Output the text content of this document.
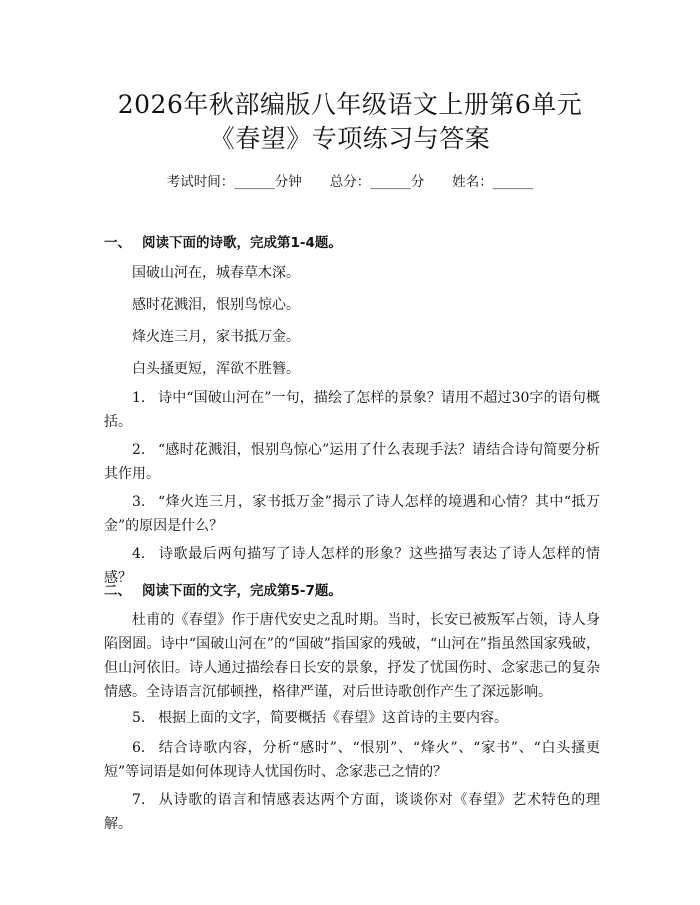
2026年秋部编版八年级语文上册第6单元
《春望》专项练习与答案
考试时间：______分钟 总分：______分 姓名：______
一、 阅读下面的诗歌，完成第1-4题。
国破山河在，城春草木深。
感时花溅泪，恨别鸟惊心。
烽火连三月，家书抵万金。
白头搔更短，浑欲不胜簪。
1. 诗中“国破山河在”一句，描绘了怎样的景象？请用不超过30字的语句概括。
2. “感时花溅泪，恨别鸟惊心”运用了什么表现手法？请结合诗句简要分析其作用。
3. “烽火连三月，家书抵万金”揭示了诗人怎样的境遇和心情？其中“抵万金”的原因是什么？
4. 诗歌最后两句描写了诗人怎样的形象？这些描写表达了诗人怎样的情感？
二、 阅读下面的文字，完成第5-7题。
杜甫的《春望》作于唐代安史之乱时期。当时，长安已被叛军占领，诗人身陷囹圄。诗中“国破山河在”的“国破”指国家的残破，“山河在”指虽然国家残破，但山河依旧。诗人通过描绘春日长安的景象，抒发了忧国伤时、念家悲己的复杂情感。全诗语言沉郁顿挫，格律严谨，对后世诗歌创作产生了深远影响。
5. 根据上面的文字，简要概括《春望》这首诗的主要内容。
6. 结合诗歌内容，分析“感时”、“恨别”、“烽火”、“家书”、“白头搔更短”等词语是如何体现诗人忧国伤时、念家悲己之情的？
7. 从诗歌的语言和情感表达两个方面，谈谈你对《春望》艺术特色的理解。
